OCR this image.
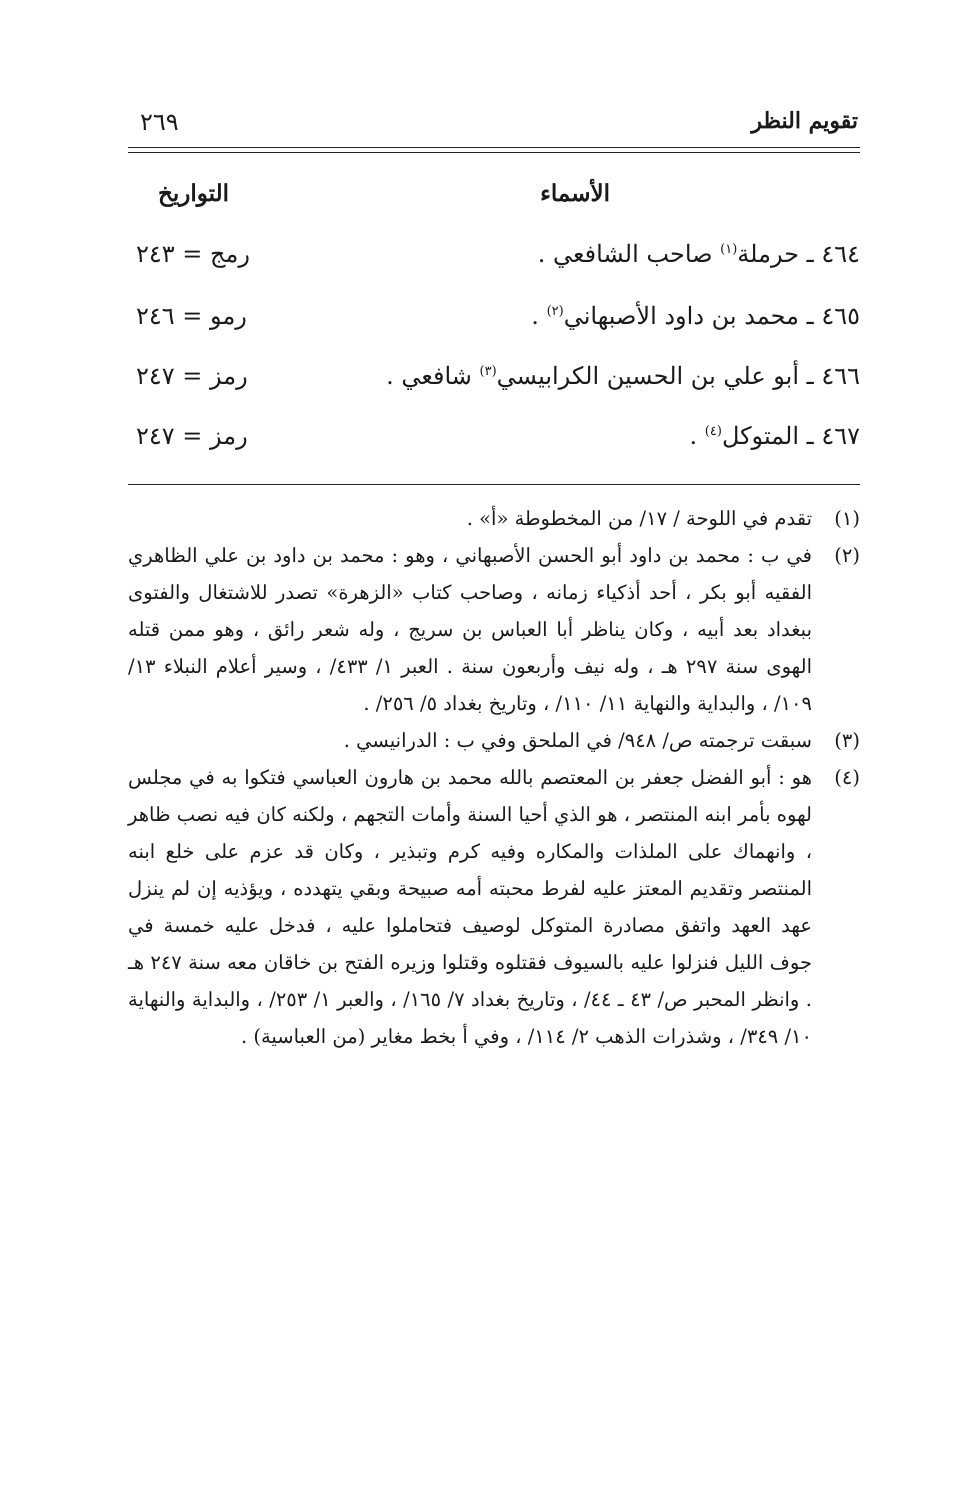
تقويم النظر
٢٦٩
الأسماء
التواريخ
٤٦٤ ـ حرملة$^{(١)}$ صاحب الشافعي .
رمج = ٢٤٣
٤٦٥ ـ محمد بن داود الأصبهاني$^{(٢)}$ .
رمو = ٢٤٦
٤٦٦ ـ أبو علي بن الحسين الكرابيسي$^{(٣)}$ شافعي .
رمز = ٢٤٧
٤٦٧ ـ المتوكل$^{(٤)}$ .
رمز = ٢٤٧
(١)
تقدم في اللوحة / ١٧/ من المخطوطة «أ» .
(٢)
في ب : محمد بن داود أبو الحسن الأصبهاني ، وهو : محمد بن داود بن علي الظاهري الفقيه أبو بكر ، أحد أذكياء زمانه ، وصاحب كتاب «الزهرة» تصدر للاشتغال والفتوى ببغداد بعد أبيه ، وكان يناظر أبا العباس بن سريج ، وله شعر رائق ، وهو ممن قتله الهوى سنة ٢٩٧ هـ ، وله نيف وأربعون سنة . العبر ١/ ٤٣٣/ ، وسير أعلام النبلاء ١٣/ ١٠٩/ ، والبداية والنهاية ١١/ ١١٠/ ، وتاريخ بغداد ٥/ ٢٥٦/ .
(٣)
سبقت ترجمته ص/ ٩٤٨/ في الملحق وفي ب : الدرانيسي .
(٤)
هو : أبو الفضل جعفر بن المعتصم بالله محمد بن هارون العباسي فتكوا به في مجلس لهوه بأمر ابنه المنتصر ، هو الذي أحيا السنة وأمات التجهم ، ولكنه كان فيه نصب ظاهر ، وانهماك على الملذات والمكاره وفيه كرم وتبذير ، وكان قد عزم على خلع ابنه المنتصر وتقديم المعتز عليه لفرط محبته أمه صبيحة وبقي يتهدده ، ويؤذيه إن لم ينزل عهد العهد واتفق مصادرة المتوكل لوصيف فتحاملوا عليه ، فدخل عليه خمسة في جوف الليل فنزلوا عليه بالسيوف فقتلوه وقتلوا وزيره الفتح بن خاقان معه سنة ٢٤٧ هـ . وانظر المحبر ص/ ٤٣ ـ ٤٤/ ، وتاريخ بغداد ٧/ ١٦٥/ ، والعبر ١/ ٢٥٣/ ، والبداية والنهاية ١٠/ ٣٤٩/ ، وشذرات الذهب ٢/ ١١٤/ ، وفي أ بخط مغاير (من العباسية) .
